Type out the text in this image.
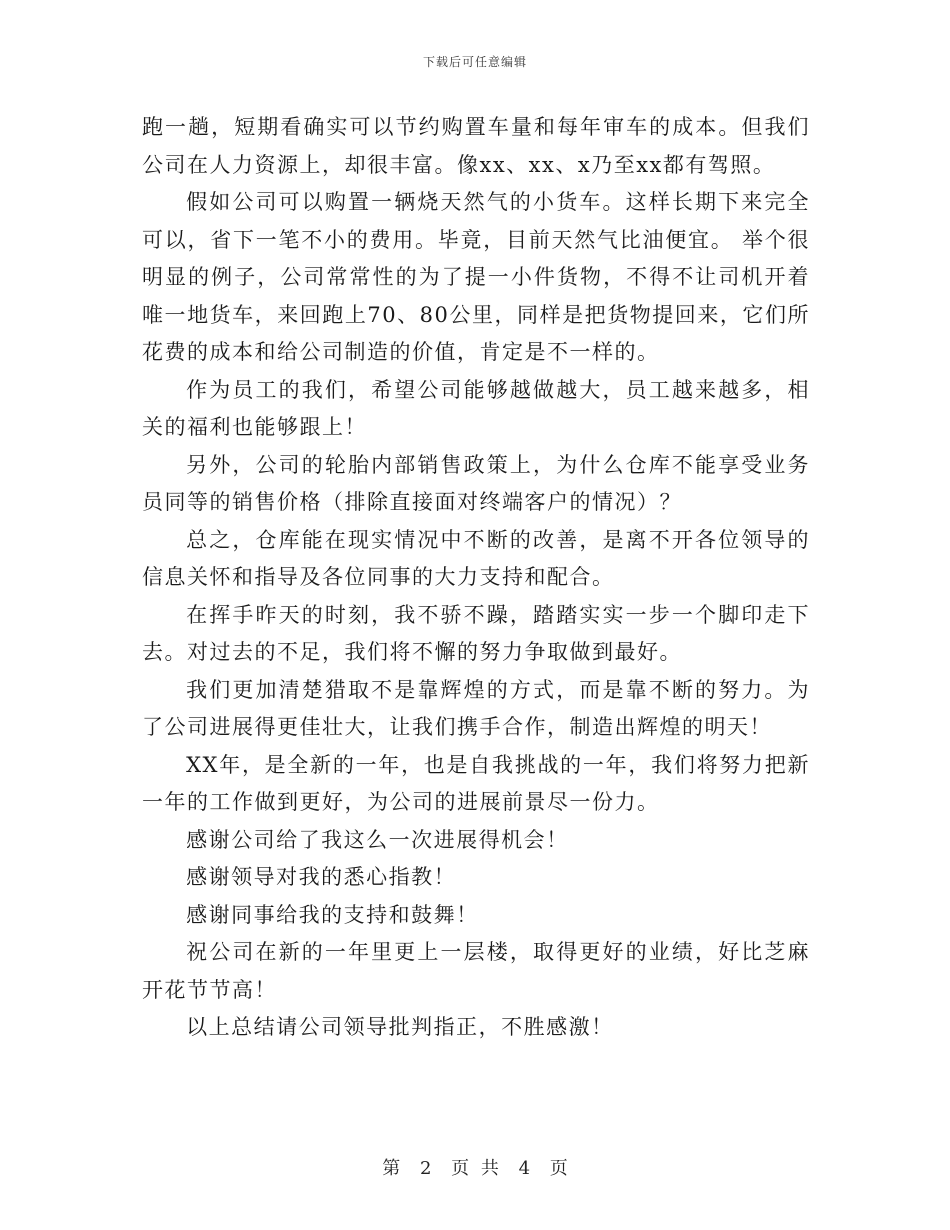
下载后可任意编辑

跑一趟，短期看确实可以节约购置车量和每年审车的成本。但我们公司在人力资源上，却很丰富。像xx、xx、x乃至xx都有驾照。

假如公司可以购置一辆烧天然气的小货车。这样长期下来完全可以，省下一笔不小的费用。毕竟，目前天然气比油便宜。 举个很明显的例子，公司常常性的为了提一小件货物，不得不让司机开着唯一地货车，来回跑上70、80公里，同样是把货物提回来，它们所花费的成本和给公司制造的价值，肯定是不一样的。

作为员工的我们，希望公司能够越做越大，员工越来越多，相关的福利也能够跟上！

另外，公司的轮胎内部销售政策上，为什么仓库不能享受业务员同等的销售价格（排除直接面对终端客户的情况）？

总之，仓库能在现实情况中不断的改善，是离不开各位领导的信息关怀和指导及各位同事的大力支持和配合。

在挥手昨天的时刻，我不骄不躁，踏踏实实一步一个脚印走下去。对过去的不足，我们将不懈的努力争取做到最好。

我们更加清楚猎取不是靠辉煌的方式，而是靠不断的努力。为了公司进展得更佳壮大，让我们携手合作，制造出辉煌的明天！

XX年，是全新的一年，也是自我挑战的一年，我们将努力把新一年的工作做到更好，为公司的进展前景尽一份力。

感谢公司给了我这么一次进展得机会！

感谢领导对我的悉心指教！

感谢同事给我的支持和鼓舞！

祝公司在新的一年里更上一层楼，取得更好的业绩，好比芝麻开花节节高！

以上总结请公司领导批判指正，不胜感激！

第 2 页 共 4 页
